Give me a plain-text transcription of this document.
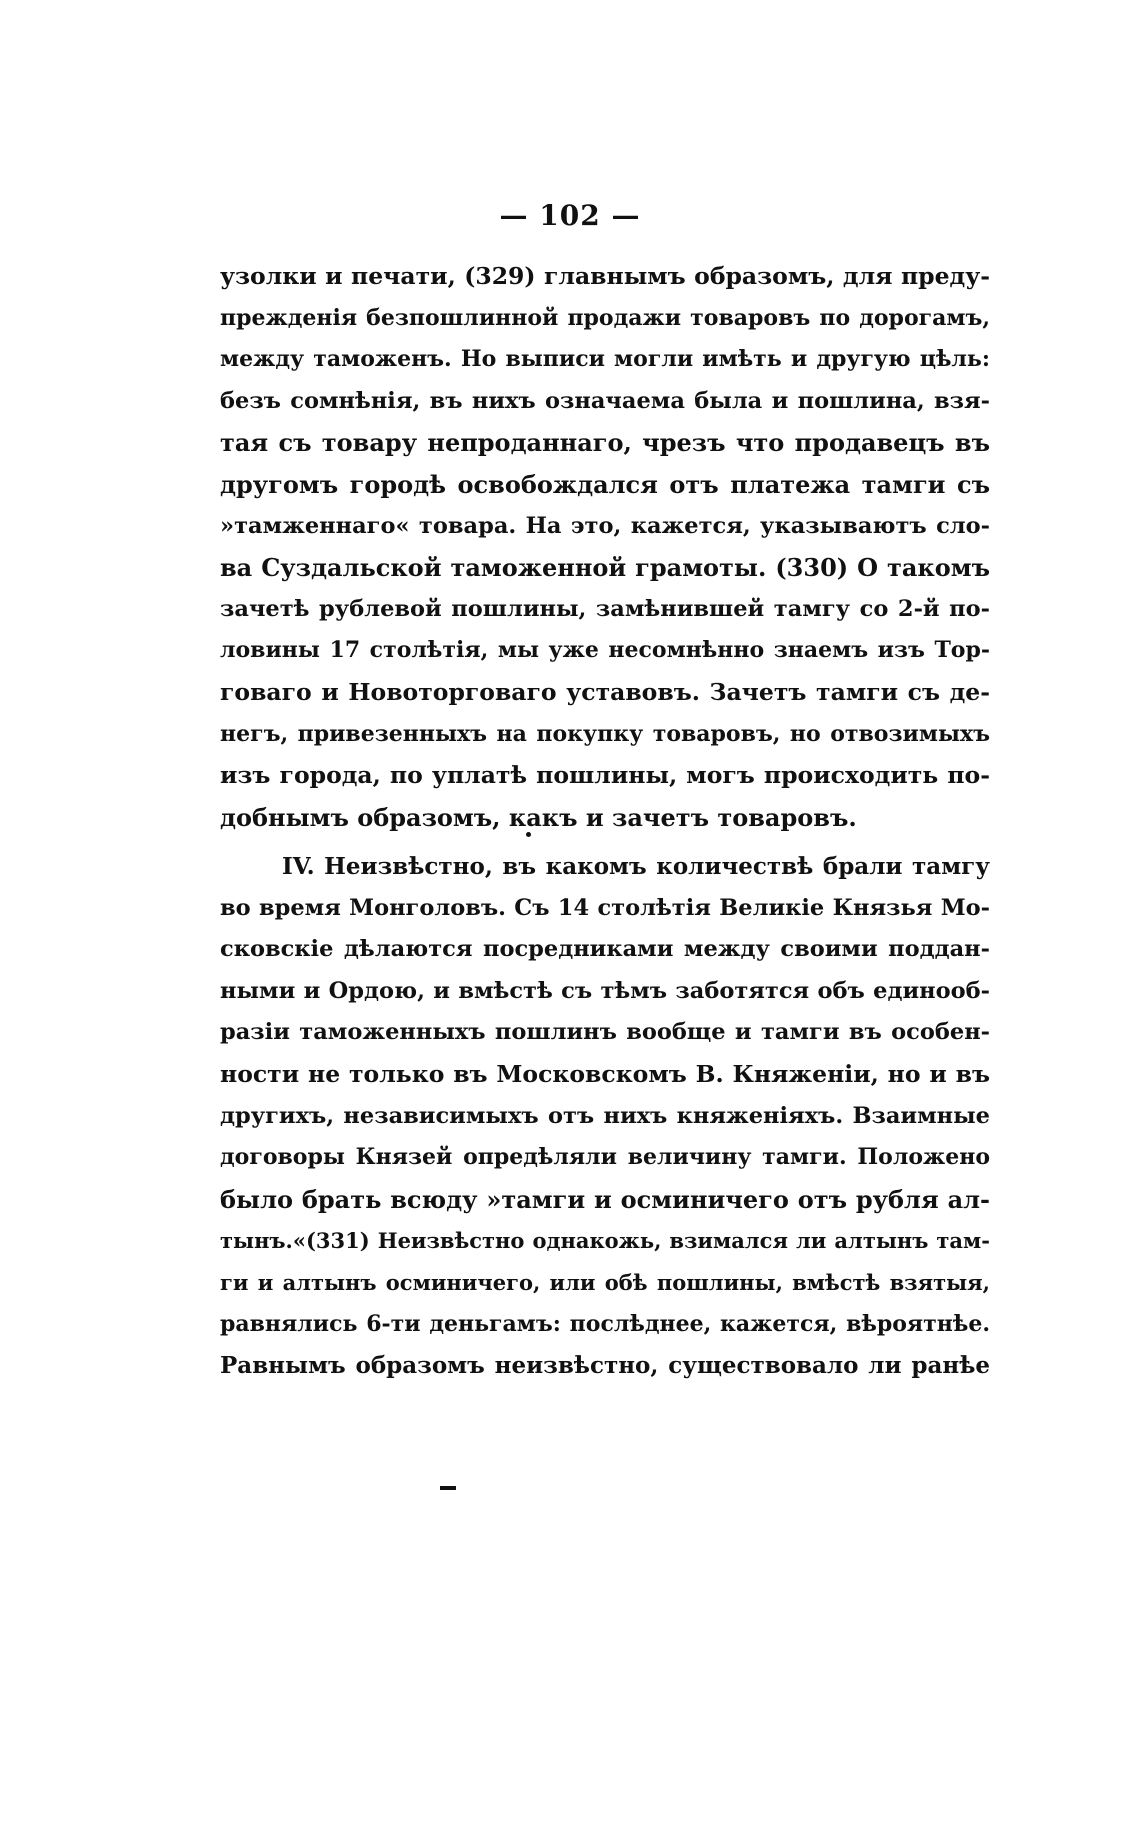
— 102 —
узолки и печати, (329) главнымъ образомъ, для преду-
прежденія безпошлинной продажи товаровъ по дорогамъ,
между таможенъ. Но выписи могли имѣть и другую цѣль:
безъ сомнѣнія, въ нихъ означаема была и пошлина, взя-
тая съ товару непроданнаго, чрезъ что продавецъ въ
другомъ городѣ освобождался отъ платежа тамги съ
»тамженнаго« товара. На это, кажется, указываютъ сло-
ва Суздальской таможенной грамоты. (330) О такомъ
зачетѣ рублевой пошлины, замѣнившей тамгу со 2-й по-
ловины 17 столѣтія, мы уже несомнѣнно знаемъ изъ Тор-
говаго и Новоторговаго уставовъ. Зачетъ тамги съ де-
негъ, привезенныхъ на покупку товаровъ, но отвозимыхъ
изъ города, по уплатѣ пошлины, могъ происходить по-
добнымъ образомъ, какъ и зачетъ товаровъ.
IV. Неизвѣстно, въ какомъ количествѣ брали тамгу
во время Монголовъ. Съ 14 столѣтія Великіе Князья Мо-
сковскіе дѣлаются посредниками между своими поддан-
ными и Ордою, и вмѣстѣ съ тѣмъ заботятся объ единооб-
разіи таможенныхъ пошлинъ вообще и тамги въ особен-
ности не только въ Московскомъ В. Княженіи, но и въ
другихъ, независимыхъ отъ нихъ княженіяхъ. Взаимные
договоры Князей опредѣляли величину тамги. Положено
было брать всюду »тамги и осминичего отъ рубля ал-
тынъ.«(331) Неизвѣстно однакожь, взимался ли алтынъ там-
ги и алтынъ осминичего, или обѣ пошлины, вмѣстѣ взятыя,
равнялись 6-ти деньгамъ: послѣднее, кажется, вѣроятнѣе.
Равнымъ образомъ неизвѣстно, существовало ли ранѣе
